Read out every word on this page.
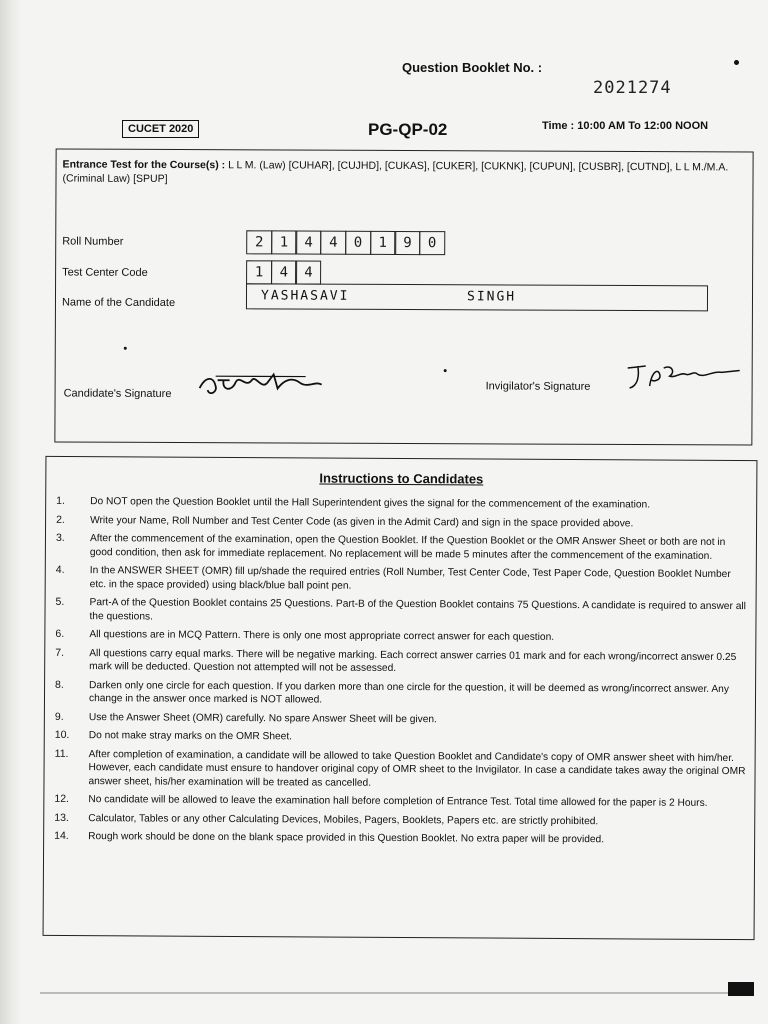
Question Booklet No. :
2021274
CUCET 2020	PG-QP-02	Time : 10:00 AM To 12:00 NOON
Entrance Test for the Course(s) : L L M. (Law) [CUHAR], [CUJHD], [CUKAS], [CUKER], [CUKNK], [CUPUN], [CUSBR], [CUTND], L L M./M.A. (Criminal Law) [SPUP]
Roll Number	2	1	4	4	0	1	9	0
Test Center Code	1	4	4
Name of the Candidate	YASHASAVI	SINGH
Candidate's Signature
Invigilator's Signature
Instructions to Candidates
1.	Do NOT open the Question Booklet until the Hall Superintendent gives the signal for the commencement of the examination.
2.	Write your Name, Roll Number and Test Center Code (as given in the Admit Card) and sign in the space provided above.
3.	After the commencement of the examination, open the Question Booklet. If the Question Booklet or the OMR Answer Sheet or both are not in good condition, then ask for immediate replacement. No replacement will be made 5 minutes after the commencement of the examination.
4.	In the ANSWER SHEET (OMR) fill up/shade the required entries (Roll Number, Test Center Code, Test Paper Code, Question Booklet Number etc. in the space provided) using black/blue ball point pen.
5.	Part-A of the Question Booklet contains 25 Questions. Part-B of the Question Booklet contains 75 Questions. A candidate is required to answer all the questions.
6.	All questions are in MCQ Pattern. There is only one most appropriate correct answer for each question.
7.	All questions carry equal marks. There will be negative marking. Each correct answer carries 01 mark and for each wrong/incorrect answer 0.25 mark will be deducted. Question not attempted will not be assessed.
8.	Darken only one circle for each question. If you darken more than one circle for the question, it will be deemed as wrong/incorrect answer. Any change in the answer once marked is NOT allowed.
9.	Use the Answer Sheet (OMR) carefully. No spare Answer Sheet will be given.
10.	Do not make stray marks on the OMR Sheet.
11.	After completion of examination, a candidate will be allowed to take Question Booklet and Candidate's copy of OMR answer sheet with him/her. However, each candidate must ensure to handover original copy of OMR sheet to the Invigilator. In case a candidate takes away the original OMR answer sheet, his/her examination will be treated as cancelled.
12.	No candidate will be allowed to leave the examination hall before completion of Entrance Test. Total time allowed for the paper is 2 Hours.
13.	Calculator, Tables or any other Calculating Devices, Mobiles, Pagers, Booklets, Papers etc. are strictly prohibited.
14.	Rough work should be done on the blank space provided in this Question Booklet. No extra paper will be provided.
